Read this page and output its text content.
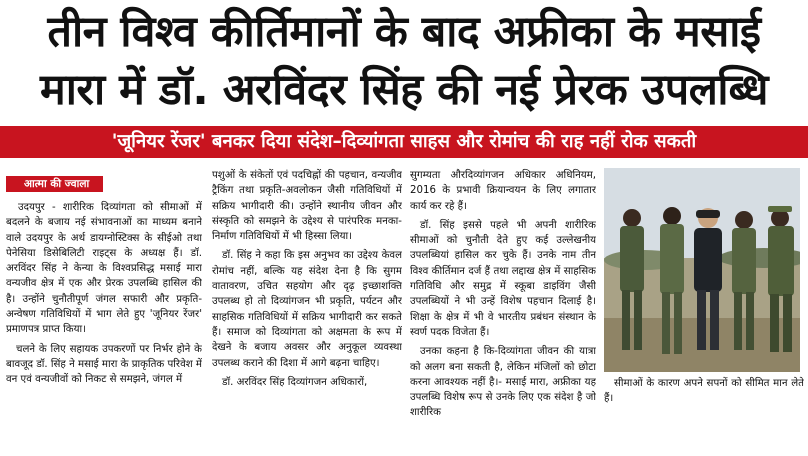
तीन विश्व कीर्तिमानों के बाद अफ्रीका के मसाई
मारा में डॉ. अरविंदर सिंह की नई प्रेरक उपलब्धि
'जूनियर रेंजर' बनकर दिया संदेश–दिव्यांगता साहस और रोमांच की राह नहीं रोक सकती
आत्मा की ज्वाला

उदयपुर - शारीरिक दिव्यांगता को सीमाओं में बदलने के बजाय नई संभावनाओं का माध्यम बनाने वाले उदयपुर के अर्थ डायग्नोस्टिक्स के सीईओ तथा पेनेसिया डिसेबिलिटी राइट्स के अध्यक्ष हैं। डॉ. अरविंदर सिंह ने केन्या के विश्वप्रसिद्ध मसाई मारा वन्यजीव क्षेत्र में एक और प्रेरक उपलब्धि हासिल की है। उन्होंने चुनौतीपूर्ण जंगल सफारी और प्रकृति-अन्वेषण गतिविधियों में भाग लेते हुए 'जूनियर रेंजर' प्रमाणपत्र प्राप्त किया।

चलने के लिए सहायक उपकरणों पर निर्भर होने के बावजूद डॉ. सिंह ने मसाई मारा के प्राकृतिक परिवेश में वन एवं वन्यजीवों को निकट से समझने, जंगल में

पशुओं के संकेतों एवं पदचिह्नों की पहचान, वन्यजीव ट्रैकिंग तथा प्रकृति-अवलोकन जैसी गतिविधियों में सक्रिय भागीदारी की। उन्होंने स्थानीय जीवन और संस्कृति को समझने के उद्देश्य से पारंपरिक मनका-निर्माण गतिविधियों में भी हिस्सा लिया।

डॉ. सिंह ने कहा कि इस अनुभव का उद्देश्य केवल रोमांच नहीं, बल्कि यह संदेश देना है कि सुगम वातावरण, उचित सहयोग और दृढ़ इच्छाशक्ति उपलब्ध हो तो दिव्यांगजन भी प्रकृति, पर्यटन और साहसिक गतिविधियों में सक्रिय भागीदारी कर सकते हैं। समाज को दिव्यांगता को अक्षमता के रूप में देखने के बजाय अवसर और अनुकूल व्यवस्था उपलब्ध कराने की दिशा में आगे बढ़ना चाहिए।

डॉ. अरविंदर सिंह दिव्यांगजन अधिकारों,

सुगम्यता औरदिव्यांगजन अधिकार अधिनियम, 2016 के प्रभावी क्रियान्वयन के लिए लगातार कार्य कर रहे हैं।

डॉ. सिंह इससे पहले भी अपनी शारीरिक सीमाओं को चुनौती देते हुए कई उल्लेखनीय उपलब्धियां हासिल कर चुके हैं। उनके नाम तीन विश्व कीर्तिमान दर्ज हैं तथा लद्दाख क्षेत्र में साहसिक गतिविधि और समुद्र में स्कूबा डाइविंग जैसी उपलब्धियों ने भी उन्हें विशेष पहचान दिलाई है। शिक्षा के क्षेत्र में भी वे भारतीय प्रबंधन संस्थान के स्वर्ण पदक विजेता हैं।

उनका कहना है कि-दिव्यांगता जीवन की यात्रा को अलग बना सकती है, लेकिन मंजिलों को छोटा करना आवश्यक नहीं है।- मसाई मारा, अफ्रीका यह उपलब्धि विशेष रूप से उनके लिए एक संदेश है जो शारीरिक

सीमाओं के कारण अपने सपनों को सीमित मान लेते हैं।
